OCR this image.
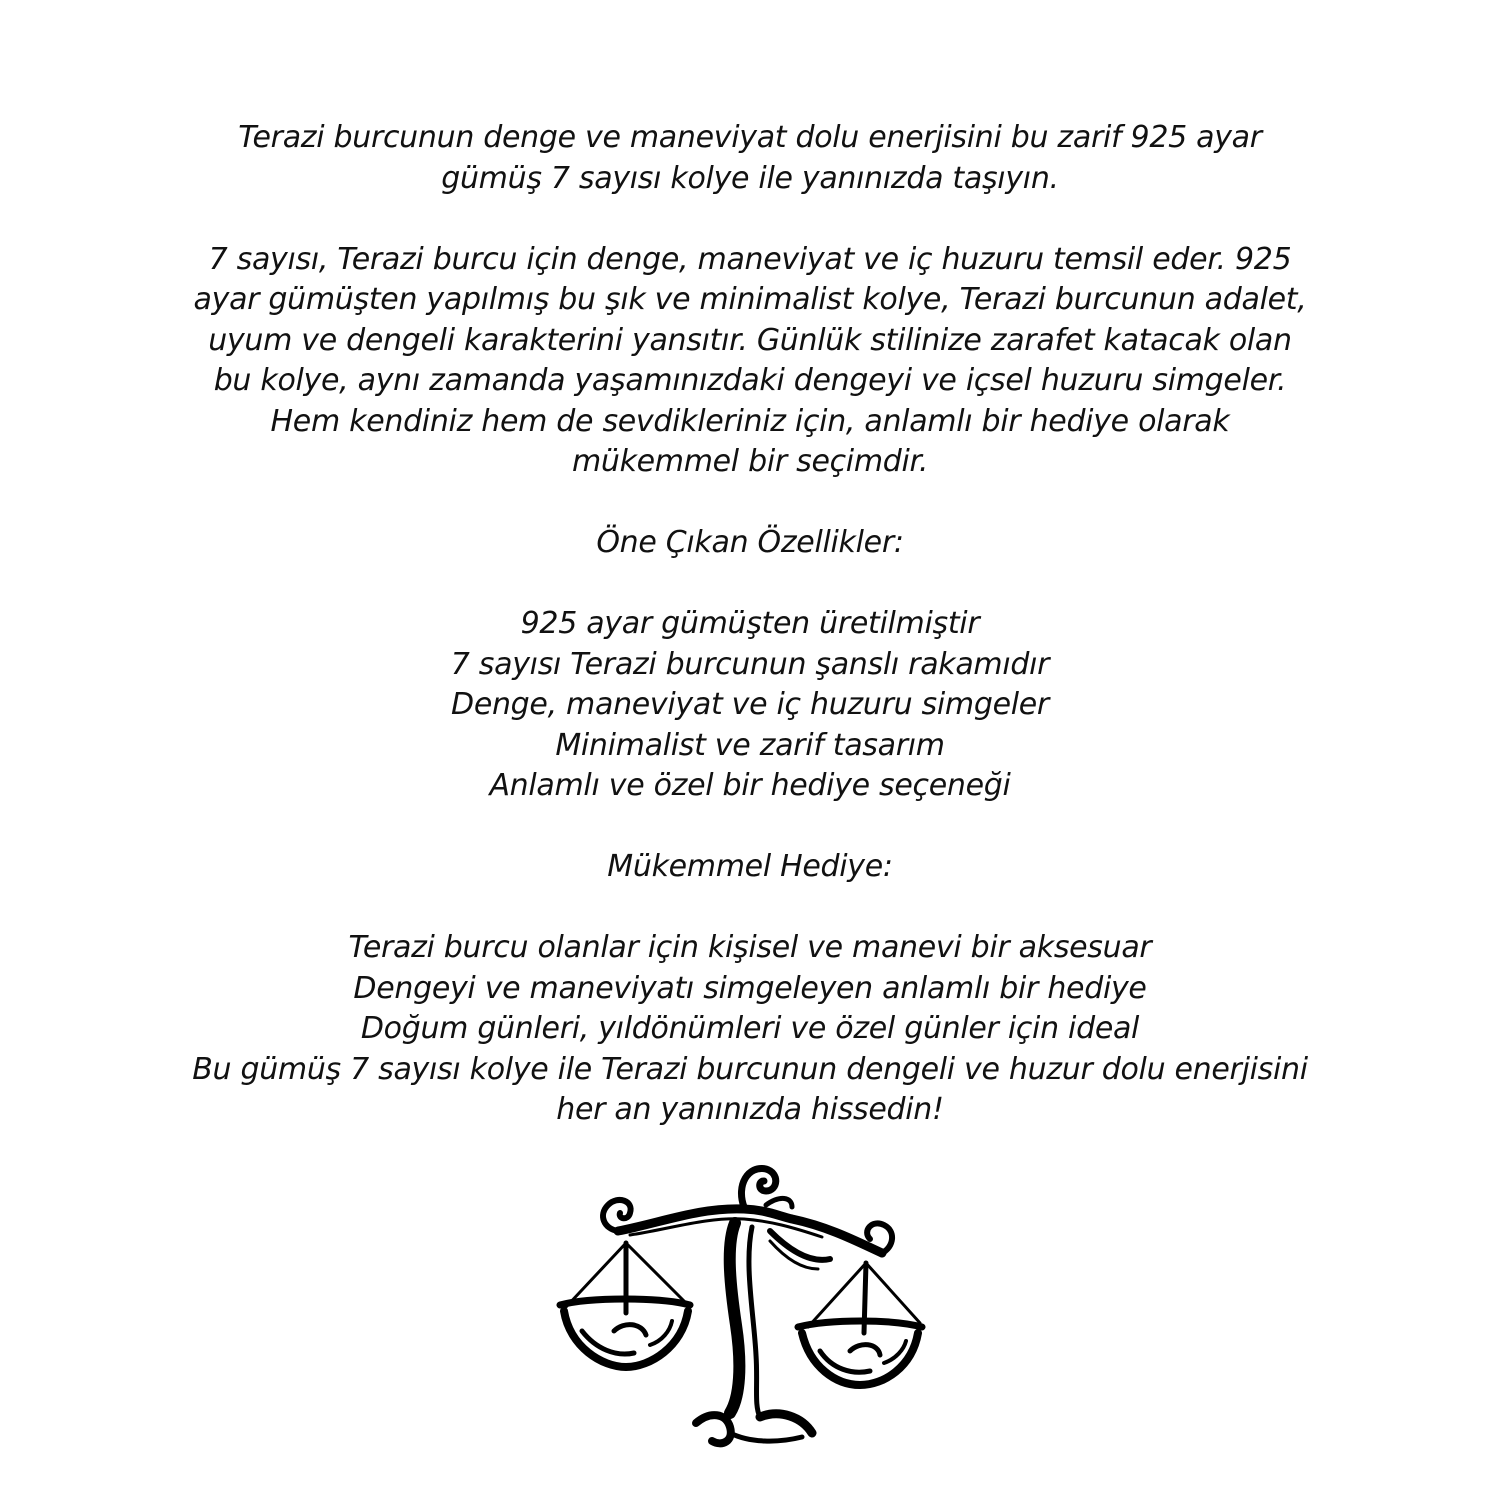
Terazi burcunun denge ve maneviyat dolu enerjisini bu zarif 925 ayar
gümüş 7 sayısı kolye ile yanınızda taşıyın.
7 sayısı, Terazi burcu için denge, maneviyat ve iç huzuru temsil eder. 925
ayar gümüşten yapılmış bu şık ve minimalist kolye, Terazi burcunun adalet,
uyum ve dengeli karakterini yansıtır. Günlük stilinize zarafet katacak olan
bu kolye, aynı zamanda yaşamınızdaki dengeyi ve içsel huzuru simgeler.
Hem kendiniz hem de sevdikleriniz için, anlamlı bir hediye olarak
mükemmel bir seçimdir.
Öne Çıkan Özellikler:
925 ayar gümüşten üretilmiştir
7 sayısı Terazi burcunun şanslı rakamıdır
Denge, maneviyat ve iç huzuru simgeler
Minimalist ve zarif tasarım
Anlamlı ve özel bir hediye seçeneği
Mükemmel Hediye:
Terazi burcu olanlar için kişisel ve manevi bir aksesuar
Dengeyi ve maneviyatı simgeleyen anlamlı bir hediye
Doğum günleri, yıldönümleri ve özel günler için ideal
Bu gümüş 7 sayısı kolye ile Terazi burcunun dengeli ve huzur dolu enerjisini
her an yanınızda hissedin!
